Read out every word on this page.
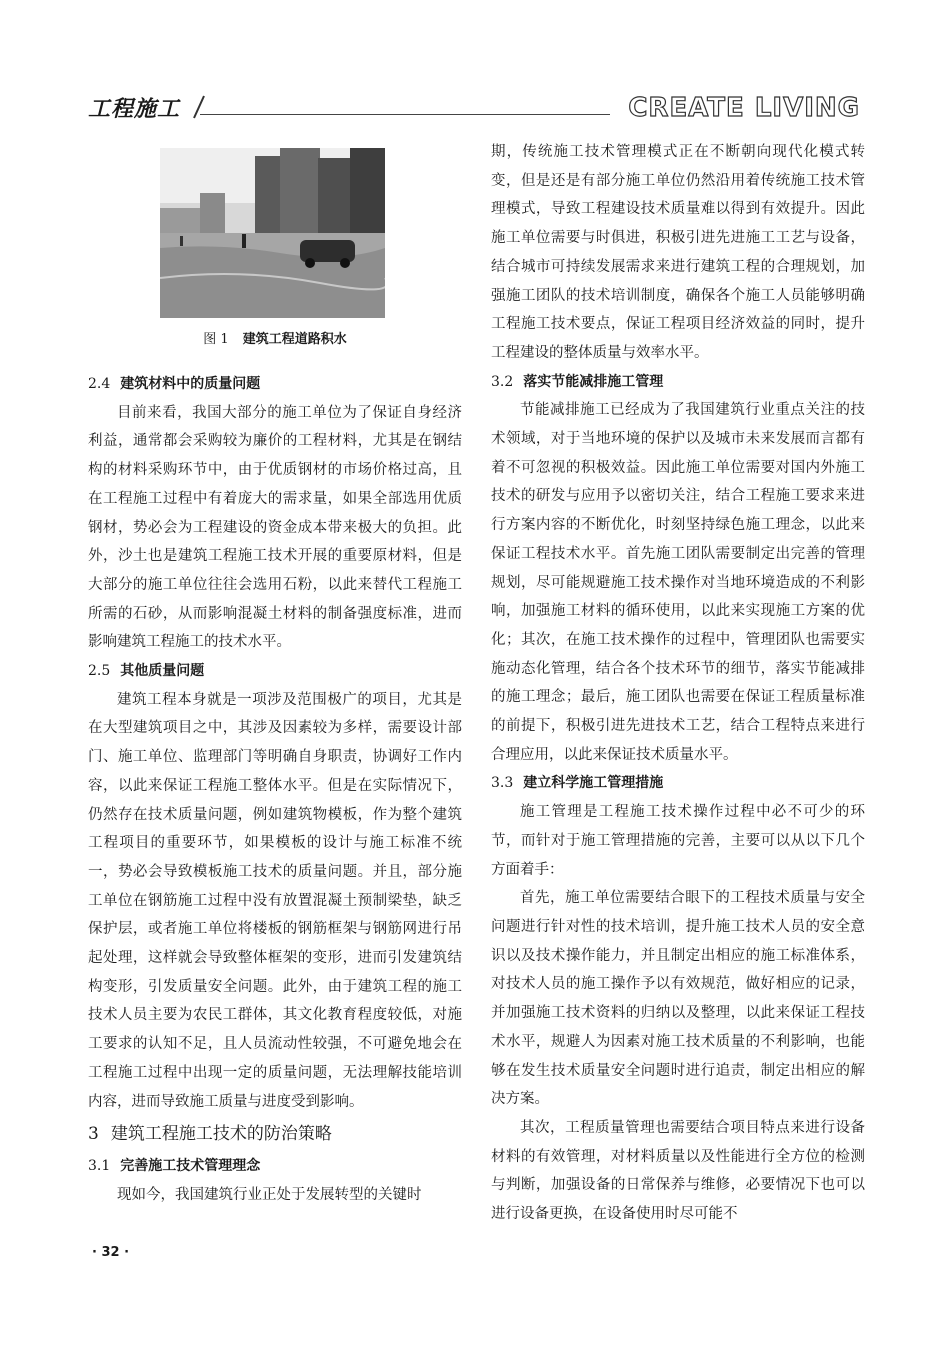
工程施工	CREATE LIVING
图 1 建筑工程道路积水
2.4 建筑材料中的质量问题

目前来看，我国大部分的施工单位为了保证自身经济利益，通常都会采购较为廉价的工程材料，尤其是在钢结构的材料采购环节中，由于优质钢材的市场价格过高，且在工程施工过程中有着庞大的需求量，如果全部选用优质钢材，势必会为工程建设的资金成本带来极大的负担。此外，沙土也是建筑工程施工技术开展的重要原材料，但是大部分的施工单位往往会选用石粉，以此来替代工程施工所需的石砂，从而影响混凝土材料的制备强度标准，进而影响建筑工程施工的技术水平。

2.5 其他质量问题

建筑工程本身就是一项涉及范围极广的项目，尤其是在大型建筑项目之中，其涉及因素较为多样，需要设计部门、施工单位、监理部门等明确自身职责，协调好工作内容，以此来保证工程施工整体水平。但是在实际情况下，仍然存在技术质量问题，例如建筑物模板，作为整个建筑工程项目的重要环节，如果模板的设计与施工标准不统一，势必会导致模板施工技术的质量问题。并且，部分施工单位在钢筋施工过程中没有放置混凝土预制梁垫，缺乏保护层，或者施工单位将楼板的钢筋框架与钢筋网进行吊起处理，这样就会导致整体框架的变形，进而引发建筑结构变形，引发质量安全问题。此外，由于建筑工程的施工技术人员主要为农民工群体，其文化教育程度较低，对施工要求的认知不足，且人员流动性较强，不可避免地会在工程施工过程中出现一定的质量问题，无法理解技能培训内容，进而导致施工质量与进度受到影响。

3 建筑工程施工技术的防治策略
3.1 完善施工技术管理理念

现如今，我国建筑行业正处于发展转型的关键时

期，传统施工技术管理模式正在不断朝向现代化模式转变，但是还是有部分施工单位仍然沿用着传统施工技术管理模式，导致工程建设技术质量难以得到有效提升。因此施工单位需要与时俱进，积极引进先进施工工艺与设备，结合城市可持续发展需求来进行建筑工程的合理规划，加强施工团队的技术培训制度，确保各个施工人员能够明确工程施工技术要点，保证工程项目经济效益的同时，提升工程建设的整体质量与效率水平。

3.2 落实节能减排施工管理

节能减排施工已经成为了我国建筑行业重点关注的技术领域，对于当地环境的保护以及城市未来发展而言都有着不可忽视的积极效益。因此施工单位需要对国内外施工技术的研发与应用予以密切关注，结合工程施工要求来进行方案内容的不断优化，时刻坚持绿色施工理念，以此来保证工程技术水平。首先施工团队需要制定出完善的管理规划，尽可能规避施工技术操作对当地环境造成的不利影响，加强施工材料的循环使用，以此来实现施工方案的优化；其次，在施工技术操作的过程中，管理团队也需要实施动态化管理，结合各个技术环节的细节，落实节能减排的施工理念；最后，施工团队也需要在保证工程质量标准的前提下，积极引进先进技术工艺，结合工程特点来进行合理应用，以此来保证技术质量水平。

3.3 建立科学施工管理措施

施工管理是工程施工技术操作过程中必不可少的环节，而针对于施工管理措施的完善，主要可以从以下几个方面着手：

首先，施工单位需要结合眼下的工程技术质量与安全问题进行针对性的技术培训，提升施工技术人员的安全意识以及技术操作能力，并且制定出相应的施工标准体系，对技术人员的施工操作予以有效规范，做好相应的记录，并加强施工技术资料的归纳以及整理，以此来保证工程技术水平，规避人为因素对施工技术质量的不利影响，也能够在发生技术质量安全问题时进行追责，制定出相应的解决方案。

其次，工程质量管理也需要结合项目特点来进行设备材料的有效管理，对材料质量以及性能进行全方位的检测与判断，加强设备的日常保养与维修，必要情况下也可以进行设备更换，在设备使用时尽可能不

· 32 ·
